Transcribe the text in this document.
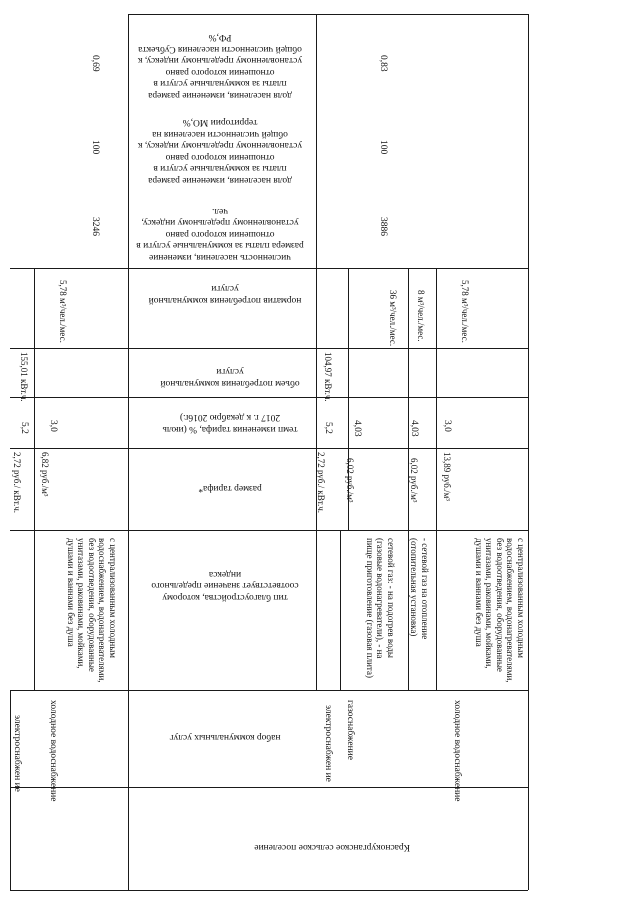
доля населения, изменение размера платы за коммунальные услуги в отношении которого равно установленному предельному индексу, к общей численности населения Субъекта РФ,%
доля населения, изменение размера платы за коммунальные услуги в отношении которого равно установленному предельному индексу, к общей численности населения на территории МО,%
численность населения, изменение размера платы за коммунальные услуги в отношении которого равно установленному предельному индексу, чел.
норматив потребления коммунальной услуги
объем потребления коммунальной услуги
темп изменения тарифа, % (июль 2017 г. к декабрю 2016г.)
размер тарифа*
тип благоустройства, которому соответствует значение предельного индекса
набор коммунальных услуг
0,69
100
3246
электроснабжен ие
155,01 кВт.ч.
5,2
2,72 руб./ кВт.ч.
холодное водоснабжение
с централизованным холодным водоснабжением, водонагревателями, без водоотведения, оборудованные унитазами, раковинами, мойками, душами и ваннами без душа
6,82 руб./м³
3,0
5,78 м³/чел./мес.
0,83
100
3886
электроснабжен ие
104,97 кВт.ч.
5,2
2,72 руб./ кВт.ч.
газоснабжение
сетевой газ: - на подогрев воды (газовые водонагреватели), - на пище приготовление (газовая плита)
6,02 руб./м³
4,03
36 м³/чел./мес.
- сетевой газ на отопление (отопительная установка)
6,02 руб./м³
4,03
8 м³/чел./мес.
холодное водоснабжение
с централизованным холодным водоснабжением, водонагревателями, без водоотведения, оборудованные унитазами, раковинами, мойками, душами и ваннами без душа
13,89 руб./м³
3,0
5,78 м³/чел./мес.
Краснокурганское сельское поселение
